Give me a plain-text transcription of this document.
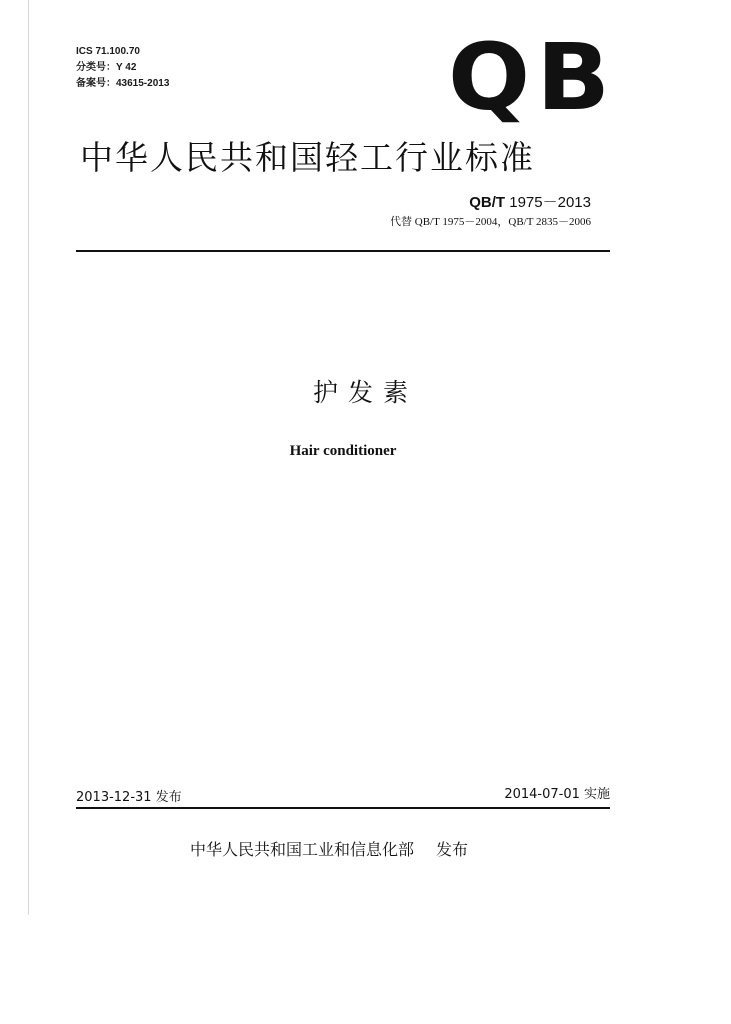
ICS 71.100.70
分类号：Y 42
备案号：43615-2013	QB
中华人民共和国轻工行业标准
QB/T 1975－2013
代替 QB/T 1975－2004，QB/T 2835－2006
护发素
Hair conditioner
2013-12-31 发布	2014-07-01 实施
中华人民共和国工业和信息化部 发布
